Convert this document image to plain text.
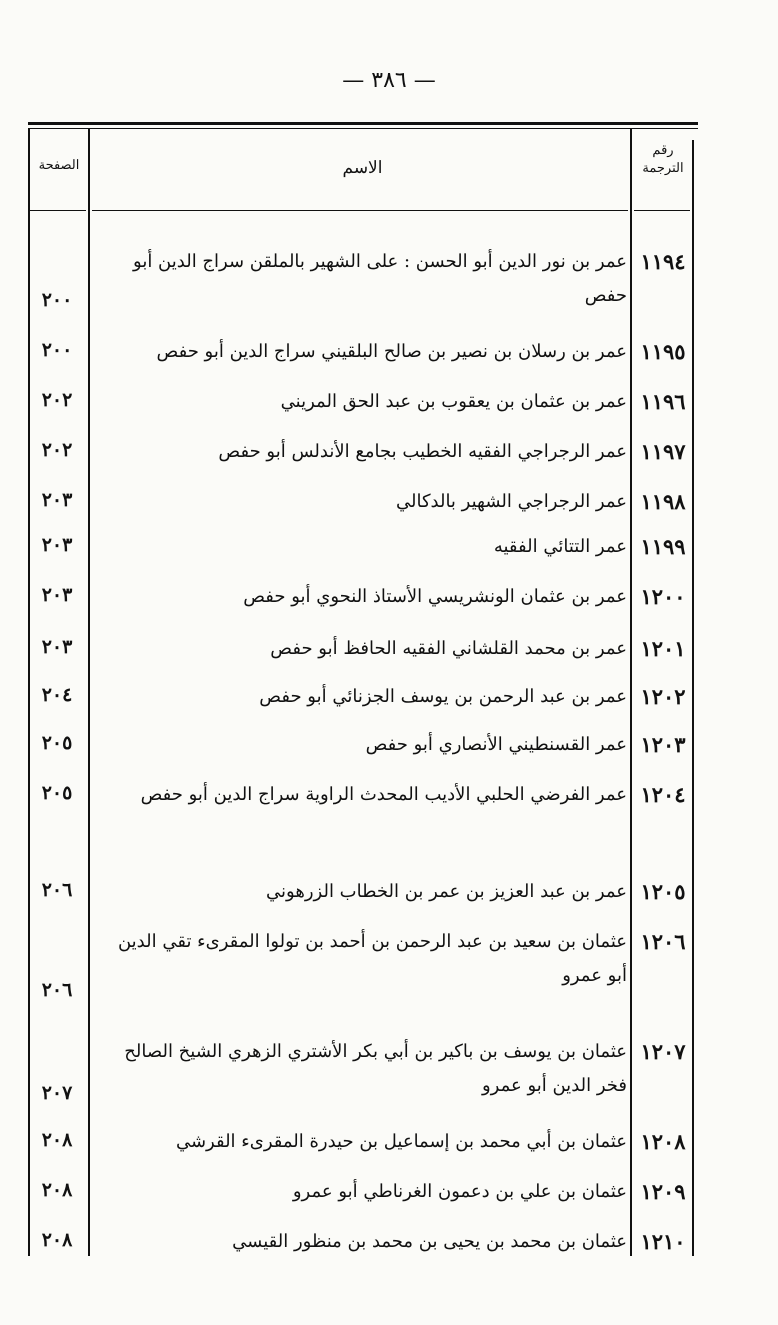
— ٣٨٦ —
الصفحة	الاسم
رقم الترجمة
١١٩٤
عمر بن نور الدين أبو الحسن : على الشهير بالملقن سراج الدين أبو حفص
٢٠٠
١١٩٥
عمر بن رسلان بن نصير بن صالح البلقيني سراج الدين أبو حفص
٢٠٠
١١٩٦
عمر بن عثمان بن يعقوب بن عبد الحق المريني
٢٠٢
١١٩٧
عمر الرجراجي الفقيه الخطيب بجامع الأندلس أبو حفص
٢٠٢
١١٩٨
عمر الرجراجي الشهير بالدكالي
٢٠٣
١١٩٩
عمر التتائي الفقيه
٢٠٣
١٢٠٠
عمر بن عثمان الونشريسي الأستاذ النحوي أبو حفص
٢٠٣
١٢٠١
عمر بن محمد القلشاني الفقيه الحافظ أبو حفص
٢٠٣
١٢٠٢
عمر بن عبد الرحمن بن يوسف الجزنائي أبو حفص
٢٠٤
١٢٠٣
عمر القسنطيني الأنصاري أبو حفص
٢٠٥
١٢٠٤
عمر الفرضي الحلبي الأديب المحدث الراوية سراج الدين أبو حفص
٢٠٥
١٢٠٥
عمر بن عبد العزيز بن عمر بن الخطاب الزرهوني
٢٠٦
١٢٠٦
عثمان بن سعيد بن عبد الرحمن بن أحمد بن تولوا المقرىء تقي الدين أبو عمرو
٢٠٦
١٢٠٧
عثمان بن يوسف بن باكير بن أبي بكر الأشتري الزهري الشيخ الصالح فخر الدين أبو عمرو
٢٠٧
١٢٠٨
عثمان بن أبي محمد بن إسماعيل بن حيدرة المقرىء القرشي
٢٠٨
١٢٠٩
عثمان بن علي بن دعمون الغرناطي أبو عمرو
٢٠٨
١٢١٠
عثمان بن محمد بن يحيى بن محمد بن منظور القيسي
٢٠٨
